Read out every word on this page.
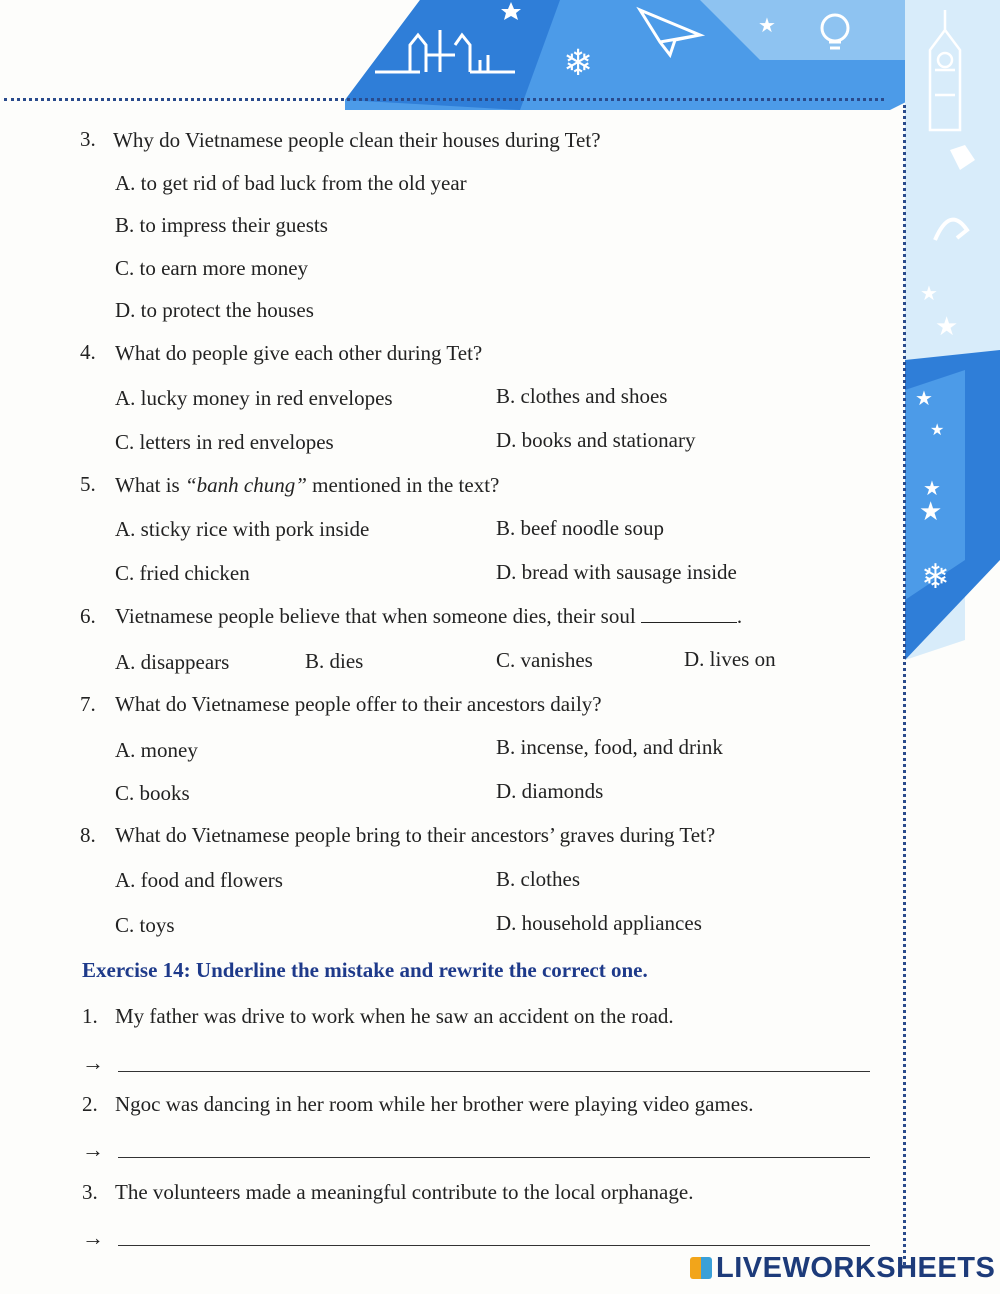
❄
★
★
★
★
★
★
★
❄
3. Why do Vietnamese people clean their houses during Tet?
A. to get rid of bad luck from the old year
B. to impress their guests
C. to earn more money
D. to protect the houses
4. What do people give each other during Tet?
A. lucky money in red envelopes	B. clothes and shoes
C. letters in red envelopes	D. books and stationary
5. What is “banh chung” mentioned in the text?
A. sticky rice with pork inside	B. beef noodle soup
C. fried chicken	D. bread with sausage inside
6. Vietnamese people believe that when someone dies, their soul	.
A. disappears	B. dies	C. vanishes	D. lives on
7. What do Vietnamese people offer to their ancestors daily?
A. money	B. incense, food, and drink
C. books	D. diamonds
8. What do Vietnamese people bring to their ancestors’ graves during Tet?
A. food and flowers	B. clothes
C. toys	D. household appliances
Exercise 14: Underline the mistake and rewrite the correct one.
1. My father was drive to work when he saw an accident on the road.
→
2. Ngoc was dancing in her room while her brother were playing video games.
→
3. The volunteers made a meaningful contribute to the local orphanage.
→
LIVEWORKSHEETS
